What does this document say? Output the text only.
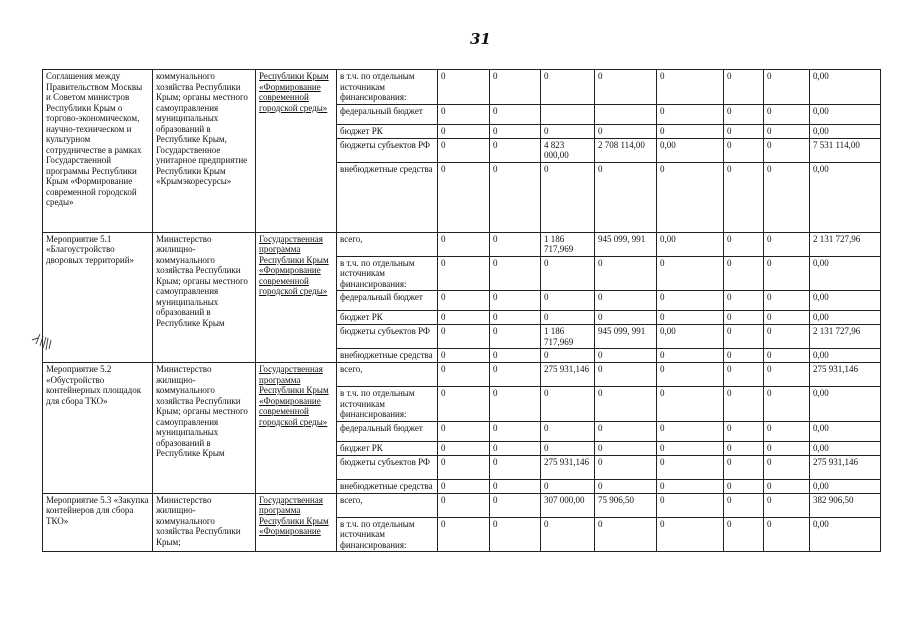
31
Соглашения между Правительством Москвы и Советом министров Республики Крым о торгово-экономическом, научно-техническом и культурном сотрудничестве в рамках Государственной программы Республики Крым «Формирование современной городской среды»	коммунального хозяйства Республики Крым; органы местного самоуправления муниципальных образований в Республике Крым, Государственное унитарное предприятие Республики Крым «Крымэкоресурсы»	Республики Крым «Формирование современной городской среды»	в т.ч. по отдельным источникам финансирования:	0	0	0	0	0	0	0	0,00

			федеральный бюджет	0	0			0	0	0	0,00

			бюджет РК	0	0	0	0	0	0	0	0,00

			бюджеты субъектов РФ	0	0	4 823 000,00	2 708 114,00	0,00	0	0	7 531 114,00

			внебюджетные средства	0	0	0	0	0	0	0	0,00

Мероприятие 5.1 «Благоустройство дворовых территорий»	Министерство жилищно-коммунального хозяйства Республики Крым; органы местного самоуправления муниципальных образований в Республике Крым	Государственная программа Республики Крым «Формирование современной городской среды»	всего,	0	0	1 186 717,969	945 099, 991	0,00	0	0	2 131 727,96

			в т.ч. по отдельным источникам финансирования:	0	0	0	0	0	0	0	0,00

			федеральный бюджет	0	0	0	0	0	0	0	0,00

			бюджет РК	0	0	0	0	0	0	0	0,00

			бюджеты субъектов РФ	0	0	1 186 717,969	945 099, 991	0,00	0	0	2 131 727,96

			внебюджетные средства	0	0	0	0	0	0	0	0,00

Мероприятие 5.2 «Обустройство контейнерных площадок для сбора ТКО»	Министерство жилищно-коммунального хозяйства Республики Крым; органы местного самоуправления муниципальных образований в Республике Крым	Государственная программа Республики Крым «Формирование современной городской среды»	всего,	0	0	275 931,146	0	0	0	0	275 931,146

			в т.ч. по отдельным источникам финансирования:	0	0	0	0	0	0	0	0,00

			федеральный бюджет	0	0	0	0	0	0	0	0,00

			бюджет РК	0	0	0	0	0	0	0	0,00

			бюджеты субъектов РФ	0	0	275 931,146	0	0	0	0	275 931,146

			внебюджетные средства	0	0	0	0	0	0	0	0,00

Мероприятие 5.3 «Закупка контейнеров для сбора ТКО»	Министерство жилищно-коммунального хозяйства Республики Крым;	Государственная программа Республики Крым «Формирование	всего,	0	0	307 000,00	75 906,50	0	0	0	382 906,50

			в т.ч. по отдельным источникам финансирования:	0	0	0	0	0	0	0	0,00
